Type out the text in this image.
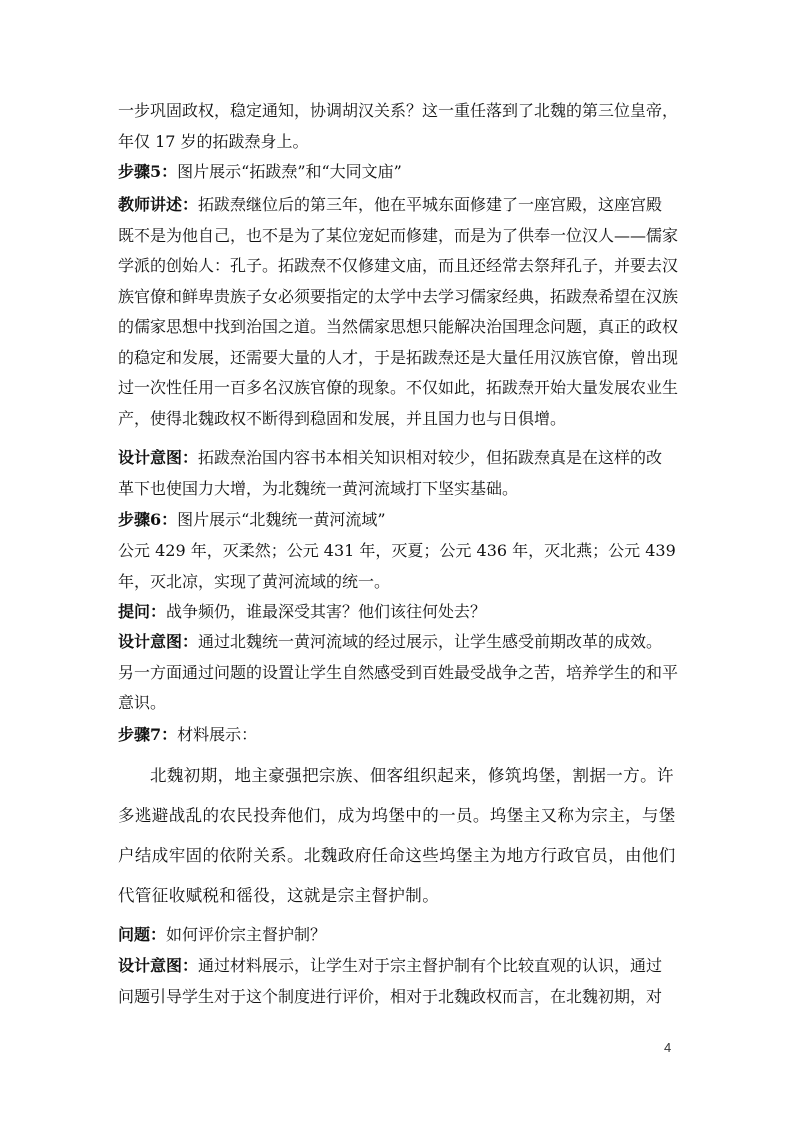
一步巩固政权，稳定通知，协调胡汉关系？这一重任落到了北魏的第三位皇帝，年仅 17 岁的拓跋焘身上。
步骤5：图片展示“拓跋焘”和“大同文庙”
教师讲述：拓跋焘继位后的第三年，他在平城东面修建了一座宫殿，这座宫殿既不是为他自己，也不是为了某位宠妃而修建，而是为了供奉一位汉人——儒家学派的创始人：孔子。拓跋焘不仅修建文庙，而且还经常去祭拜孔子，并要去汉族官僚和鲜卑贵族子女必须要指定的太学中去学习儒家经典，拓跋焘希望在汉族的儒家思想中找到治国之道。当然儒家思想只能解决治国理念问题，真正的政权的稳定和发展，还需要大量的人才，于是拓跋焘还是大量任用汉族官僚，曾出现过一次性任用一百多名汉族官僚的现象。不仅如此，拓跋焘开始大量发展农业生产，使得北魏政权不断得到稳固和发展，并且国力也与日俱增。
设计意图：拓跋焘治国内容书本相关知识相对较少，但拓跋焘真是在这样的改革下也使国力大增，为北魏统一黄河流域打下坚实基础。
步骤6：图片展示“北魏统一黄河流域”
公元 429 年，灭柔然；公元 431 年，灭夏；公元 436 年，灭北燕；公元 439 年，灭北凉，实现了黄河流域的统一。
提问：战争频仍，谁最深受其害？他们该往何处去？
设计意图：通过北魏统一黄河流域的经过展示，让学生感受前期改革的成效。另一方面通过问题的设置让学生自然感受到百姓最受战争之苦，培养学生的和平意识。
步骤7：材料展示：
北魏初期，地主豪强把宗族、佃客组织起来，修筑坞堡，割据一方。许多逃避战乱的农民投奔他们，成为坞堡中的一员。坞堡主又称为宗主，与堡户结成牢固的依附关系。北魏政府任命这些坞堡主为地方行政官员，由他们代管征收赋税和徭役，这就是宗主督护制。
问题：如何评价宗主督护制？
设计意图：通过材料展示，让学生对于宗主督护制有个比较直观的认识，通过问题引导学生对于这个制度进行评价，相对于北魏政权而言，在北魏初期，对
4
